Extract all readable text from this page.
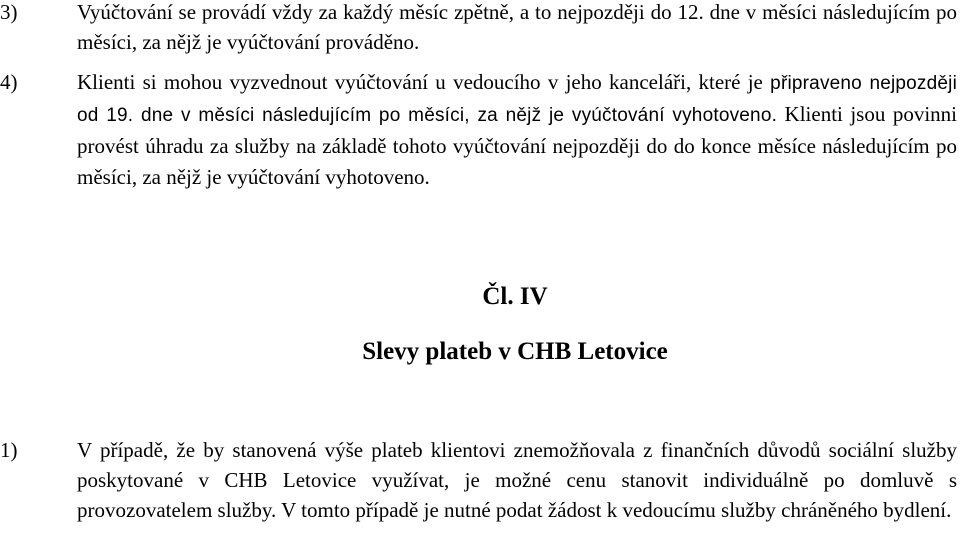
3)	Vyúčtování se provádí vždy za každý měsíc zpětně, a to nejpozději do 12. dne v měsíci následujícím po měsíci, za nějž je vyúčtování prováděno.
4)	Klienti si mohou vyzvednout vyúčtování u vedoucího v jeho kanceláři, které je připraveno nejpozději od 19. dne v měsíci následujícím po měsíci, za nějž je vyúčtování vyhotoveno. Klienti jsou povinni provést úhradu za služby na základě tohoto vyúčtování nejpozději do do konce měsíce následujícím po měsíci, za nějž je vyúčtování vyhotoveno.
Čl. IV
Slevy plateb v CHB Letovice
1)	V případě, že by stanovená výše plateb klientovi znemožňovala z finančních důvodů sociální služby poskytované v CHB Letovice využívat, je možné cenu stanovit individuálně po domluvě s provozovatelem služby. V tomto případě je nutné podat žádost k vedoucímu služby chráněného bydlení.
